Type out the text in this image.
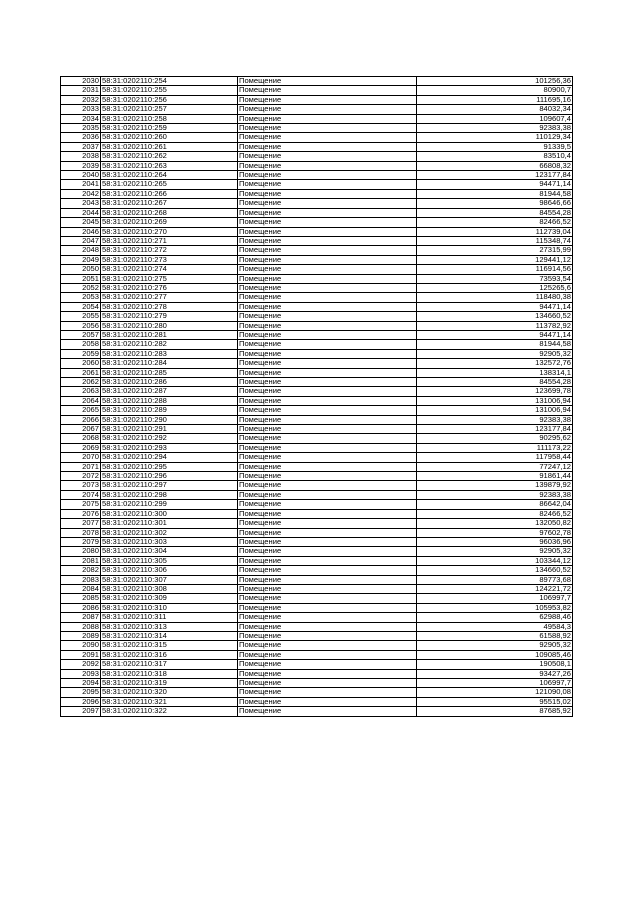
2030	58:31:0202110:254	Помещение	101256,36
2031	58:31:0202110:255	Помещение	80900,7
2032	58:31:0202110:256	Помещение	111695,16
2033	58:31:0202110:257	Помещение	84032,34
2034	58:31:0202110:258	Помещение	109607,4
2035	58:31:0202110:259	Помещение	92383,38
2036	58:31:0202110:260	Помещение	110129,34
2037	58:31:0202110:261	Помещение	91339,5
2038	58:31:0202110:262	Помещение	83510,4
2039	58:31:0202110:263	Помещение	66808,32
2040	58:31:0202110:264	Помещение	123177,84
2041	58:31:0202110:265	Помещение	94471,14
2042	58:31:0202110:266	Помещение	81944,58
2043	58:31:0202110:267	Помещение	98646,66
2044	58:31:0202110:268	Помещение	84554,28
2045	58:31:0202110:269	Помещение	82466,52
2046	58:31:0202110:270	Помещение	112739,04
2047	58:31:0202110:271	Помещение	115348,74
2048	58:31:0202110:272	Помещение	27315,99
2049	58:31:0202110:273	Помещение	129441,12
2050	58:31:0202110:274	Помещение	116914,56
2051	58:31:0202110:275	Помещение	73593,54
2052	58:31:0202110:276	Помещение	125265,6
2053	58:31:0202110:277	Помещение	118480,38
2054	58:31:0202110:278	Помещение	94471,14
2055	58:31:0202110:279	Помещение	134660,52
2056	58:31:0202110:280	Помещение	113782,92
2057	58:31:0202110:281	Помещение	94471,14
2058	58:31:0202110:282	Помещение	81944,58
2059	58:31:0202110:283	Помещение	92905,32
2060	58:31:0202110:284	Помещение	132572,76
2061	58:31:0202110:285	Помещение	138314,1
2062	58:31:0202110:286	Помещение	84554,28
2063	58:31:0202110:287	Помещение	123699,78
2064	58:31:0202110:288	Помещение	131006,94
2065	58:31:0202110:289	Помещение	131006,94
2066	58:31:0202110:290	Помещение	92383,38
2067	58:31:0202110:291	Помещение	123177,84
2068	58:31:0202110:292	Помещение	90295,62
2069	58:31:0202110:293	Помещение	111173,22
2070	58:31:0202110:294	Помещение	117958,44
2071	58:31:0202110:295	Помещение	77247,12
2072	58:31:0202110:296	Помещение	91861,44
2073	58:31:0202110:297	Помещение	139879,92
2074	58:31:0202110:298	Помещение	92383,38
2075	58:31:0202110:299	Помещение	86642,04
2076	58:31:0202110:300	Помещение	82466,52
2077	58:31:0202110:301	Помещение	132050,82
2078	58:31:0202110:302	Помещение	97602,78
2079	58:31:0202110:303	Помещение	96036,96
2080	58:31:0202110:304	Помещение	92905,32
2081	58:31:0202110:305	Помещение	103344,12
2082	58:31:0202110:306	Помещение	134660,52
2083	58:31:0202110:307	Помещение	89773,68
2084	58:31:0202110:308	Помещение	124221,72
2085	58:31:0202110:309	Помещение	106997,7
2086	58:31:0202110:310	Помещение	105953,82
2087	58:31:0202110:311	Помещение	62988,46
2088	58:31:0202110:313	Помещение	49584,3
2089	58:31:0202110:314	Помещение	61588,92
2090	58:31:0202110:315	Помещение	92905,32
2091	58:31:0202110:316	Помещение	109085,46
2092	58:31:0202110:317	Помещение	190508,1
2093	58:31:0202110:318	Помещение	93427,26
2094	58:31:0202110:319	Помещение	106997,7
2095	58:31:0202110:320	Помещение	121090,08
2096	58:31:0202110:321	Помещение	95515,02
2097	58:31:0202110:322	Помещение	87685,92
